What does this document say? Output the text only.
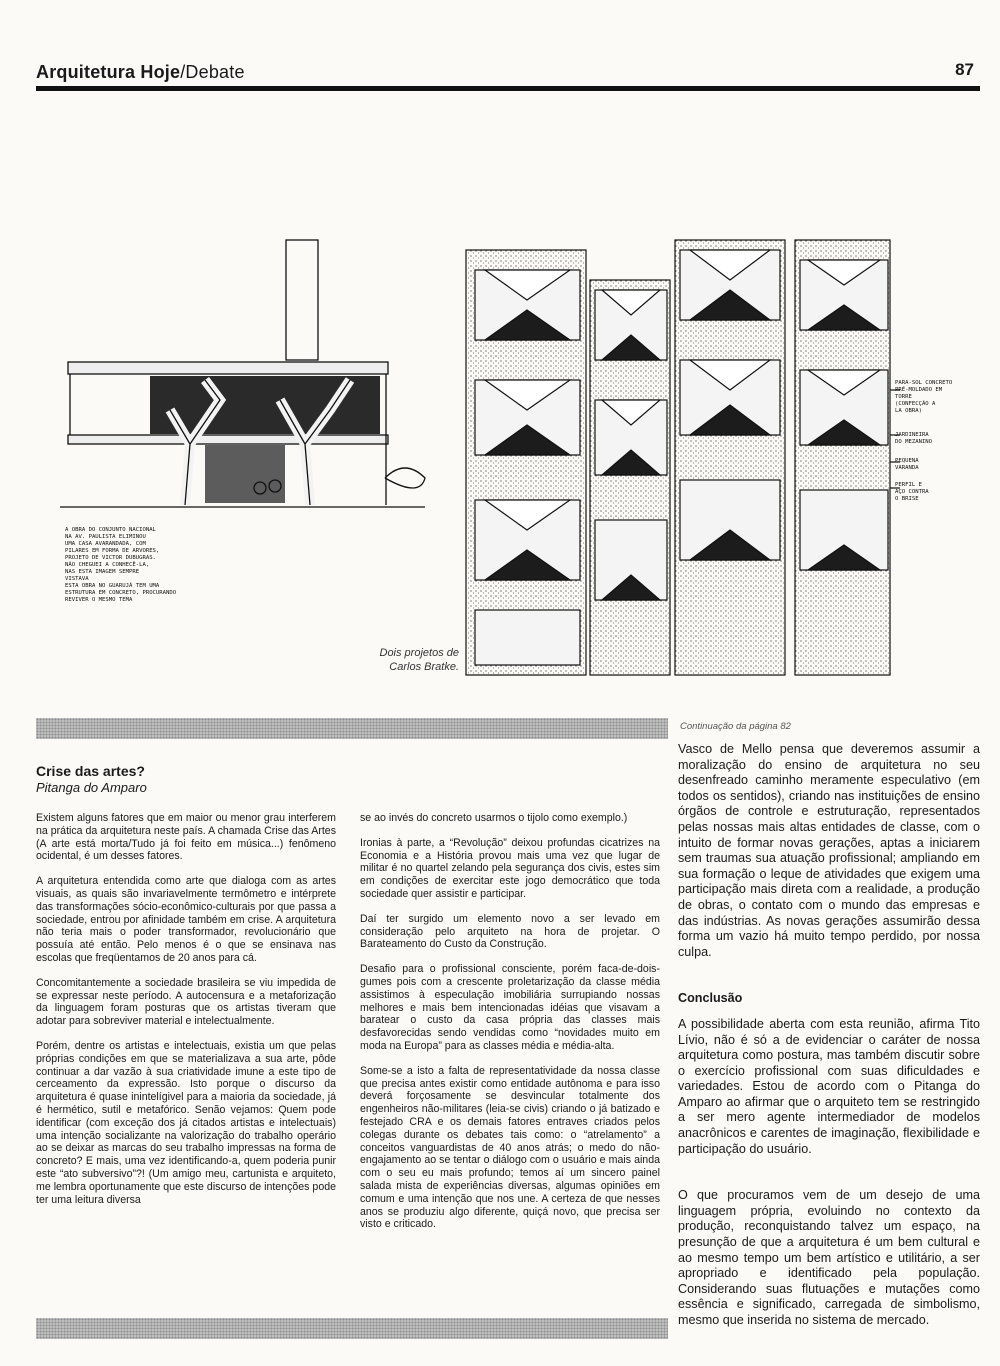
Arquitetura Hoje/Debate	87
A OBRA DO CONJUNTO NACIONAL
NA AV. PAULISTA ELIMINOU
UMA CASA AVARANDADA, COM
PILARES EM FORMA DE ARVORES,
PROJETO DE VICTOR DUBUGRAS.
NÃO CHEGUEI A CONHECÊ-LA,
NAS ESTA IMAGEM SEMPRE
VISTAVA
ESTA OBRA NO GUARUJÁ TEM UMA
ESTRUTURA EM CONCRETO, PROCURANDO
REVIVER O MESMO TEMA
PARA-SOL CONCRETO
PRÉ-MOLDADO EM
TORRE
(CONFECÇÃO A
LA OBRA)
JARDINEIRA
DO MEZANINO
PEQUENA
VARANDA
PERFIL E
AÇO CONTRA
O BRISE
Dois projetos de
Carlos Bratke.
Continuação da página 82
Crise das artes?
Pitanga do Amparo

Existem alguns fatores que em maior ou menor grau interferem na prática da arquitetura neste país. A chamada Crise das Artes (A arte está morta/Tudo já foi feito em música...) fenômeno ocidental, é um desses fatores.

A arquitetura entendida como arte que dialoga com as artes visuais, as quais são invariavelmente termômetro e intérprete das transformações sócio-econômico-culturais por que passa a sociedade, entrou por afinidade também em crise. A arquitetura não teria mais o poder transformador, revolucionário que possuía até então. Pelo menos é o que se ensinava nas escolas que freqüentamos de 20 anos para cá.

Concomitantemente a sociedade brasileira se viu impedida de se expressar neste período. A autocensura e a metaforização da linguagem foram posturas que os artistas tiveram que adotar para sobreviver material e intelectualmente.

Porém, dentre os artistas e intelectuais, existia um que pelas próprias condições em que se materializava a sua arte, pôde continuar a dar vazão à sua criatividade imune a este tipo de cerceamento da expressão. Isto porque o discurso da arquitetura é quase inintelígivel para a maioria da sociedade, já é hermético, sutil e metafórico. Senão vejamos: Quem pode identificar (com exceção dos já citados artistas e intelectuais) uma intenção socializante na valorização do trabalho operário ao se deixar as marcas do seu trabalho impressas na forma de concreto? E mais, uma vez identificando-a, quem poderia punir este “ato subversivo”?! (Um amigo meu, cartunista e arquiteto, me lembra oportunamente que este discurso de intenções pode ter uma leitura diversa

se ao invés do concreto usarmos o tijolo como exemplo.)

Ironias à parte, a “Revolução” deixou profundas cicatrizes na Economia e a História provou mais uma vez que lugar de militar é no quartel zelando pela segurança dos civis, estes sim em condições de exercitar este jogo democrático que toda sociedade quer assistir e participar.

Daí ter surgido um elemento novo a ser levado em consideração pelo arquiteto na hora de projetar. O Barateamento do Custo da Construção.

Desafio para o profissional consciente, porém faca-de-dois-gumes pois com a crescente proletarização da classe média assistimos à especulação imobiliária surrupiando nossas melhores e mais bem intencionadas idéias que visavam a baratear o custo da casa própria das classes mais desfavorecidas sendo vendidas como “novidades muito em moda na Europa” para as classes média e média-alta.

Some-se a isto a falta de representatividade da nossa classe que precisa antes existir como entidade autônoma e para isso deverá forçosamente se desvincular totalmente dos engenheiros não-militares (leia-se civis) criando o já batizado e festejado CRA e os demais fatores entraves criados pelos colegas durante os debates tais como: o “atrelamento” a conceitos vanguardistas de 40 anos atrás; o medo do não-engajamento ao se tentar o diálogo com o usuário e mais ainda com o seu eu mais profundo; temos aí um sincero painel salada mista de experiências diversas, algumas opiniões em comum e uma intenção que nos une. A certeza de que nesses anos se produziu algo diferente, quiçá novo, que precisa ser visto e criticado.

Vasco de Mello pensa que deveremos assumir a moralização do ensino de arquitetura no seu desenfreado caminho meramente especulativo (em todos os sentidos), criando nas instituições de ensino órgãos de controle e estruturação, representados pelas nossas mais altas entidades de classe, com o intuito de formar novas gerações, aptas a iniciarem sem traumas sua atuação profissional; ampliando em sua formação o leque de atividades que exigem uma participação mais direta com a realidade, a produção de obras, o contato com o mundo das empresas e das indústrias. As novas gerações assumirão dessa forma um vazio há muito tempo perdido, por nossa culpa.

Conclusão

A possibilidade aberta com esta reunião, afirma Tito Lívio, não é só a de evidenciar o caráter de nossa arquitetura como postura, mas também discutir sobre o exercício profissional com suas dificuldades e variedades. Estou de acordo com o Pitanga do Amparo ao afirmar que o arquiteto tem se restringido a ser mero agente intermediador de modelos anacrônicos e carentes de imaginação, flexibilidade e participação do usuário.

O que procuramos vem de um desejo de uma linguagem própria, evoluindo no contexto da produção, reconquistando talvez um espaço, na presunção de que a arquitetura é um bem cultural e ao mesmo tempo um bem artístico e utilitário, a ser apropriado e identificado pela população. Considerando suas flutuações e mutações como essência e significado, carregada de simbolismo, mesmo que inserida no sistema de mercado.
